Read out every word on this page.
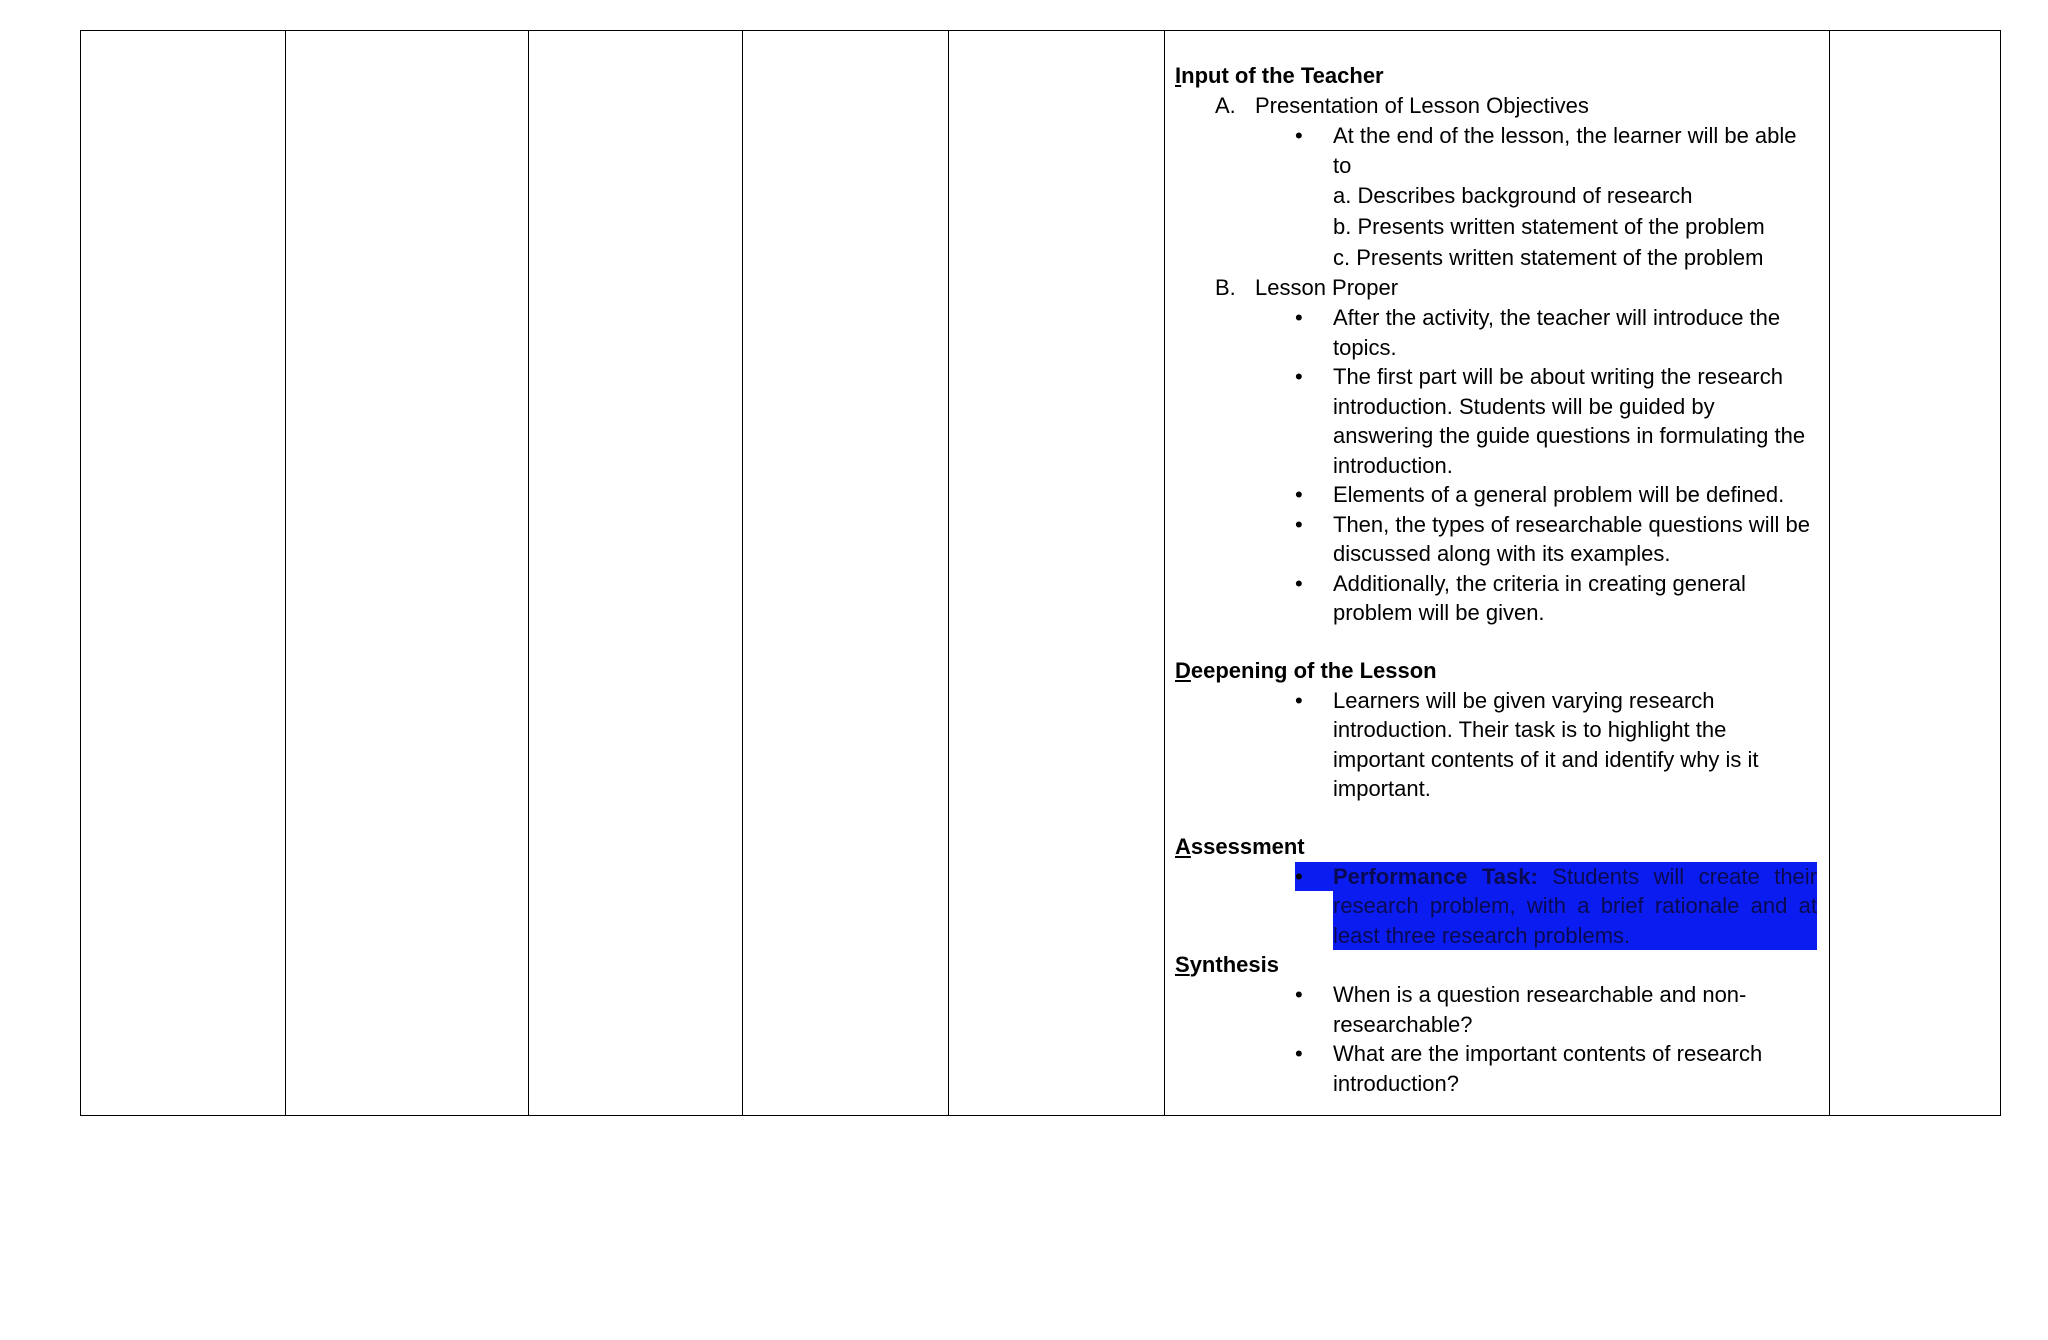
Input of the Teacher
A. Presentation of Lesson Objectives
• At the end of the lesson, the learner will be able to
a. Describes background of research
b. Presents written statement of the problem
c. Presents written statement of the problem
B. Lesson Proper
• After the activity, the teacher will introduce the topics.
• The first part will be about writing the research introduction. Students will be guided by answering the guide questions in formulating the introduction.
• Elements of a general problem will be defined.
• Then, the types of researchable questions will be discussed along with its examples.
• Additionally, the criteria in creating general problem will be given.
Deepening of the Lesson
• Learners will be given varying research introduction. Their task is to highlight the important contents of it and identify why is it important.
Assessment
•	Performance Task: Students will create their research problem, with a brief rationale and at least three research problems.
Synthesis
• When is a question researchable and non-researchable?
• What are the important contents of research introduction?
